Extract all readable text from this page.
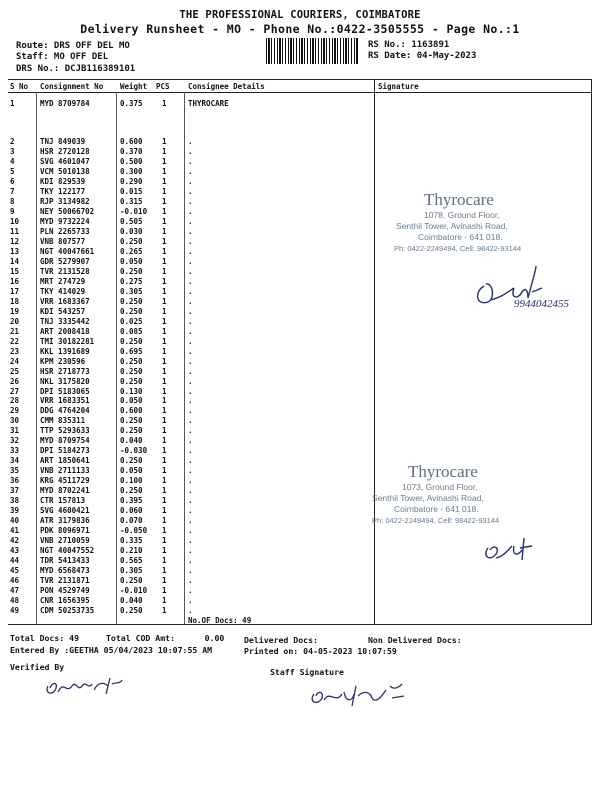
THE PROFESSIONAL COURIERS, COIMBATORE
Delivery Runsheet - MO - Phone No.:0422-3505555 - Page No.:1
Route: DRS OFF DEL MO
Staff: MO OFF DEL
DRS No.: DCJB116389101
RS No.: 1163891
RS Date: 04-May-2023
S No Consignment No Weight PCS Consignee Details	Signature
1	MYD 8709784	0.375	1	THYROCARE
2	TNJ 849039	0.600	1	.
3	HSR 2720128	0.370	1	.
4	SVG 4601047	0.500	1	.
5	VCM 5010138	0.300	1	.
6	KDI 829539	0.290	1	.
7	TKY 122177	0.015	1	.
8	RJP 3134982	0.315	1	.
9	NEY 50066702	-0.010 1	.
10	MYD 9732224	0.505	1	.
11	PLN 2265733	0.030	1	.
12	VNB 807577	0.250	1	.
13	NGT 40047661	0.265	1	.
14	GDR 5279907	0.050	1	.
15	TVR 2131528	0.250	1	.
16	MRT 274729	0.275	1	.
17	TKY 414029	0.305	1	.
18	VRR 1683367	0.250	1	.
19	KDI 543257	0.250	1	.
20	TNJ 3335442	0.025	1	.
21	ART 2008418	0.085	1	.
22	TMI 30182281	0.250	1	.
23	KKL 1391689	0.695	1	.
24	KPM 230596	0.250	1	.
25	HSR 2718773	0.250	1	.
26	NKL 3175820	0.250	1	.
27	DPI 5183065	0.130	1	.
28	VRR 1683351	0.050	1	.
29	DDG 4764204	0.600	1	.
30	CMM 835311	0.250	1	.
31	TTP 5293633	0.250	1	.
32	MYD 8709754	0.040	1	.
33	DPI 5184273	-0.030 1	.
34	ART 1850641	0.250	1	.
35	VNB 2711133	0.050	1	.
36	KRG 4511729	0.100	1	.
37	MYD 8702241	0.250	1	.
38	CTR 157813	0.395	1	.
39	SVG 4600421	0.060	1	.
40	ATR 3179836	0.070	1	.
41	PDK 8096971	-0.050 1	.
42	VNB 2710059	0.335	1	.
43	NGT 40047552	0.210	1	.
44	TDR 5413433	0.565	1	.
45	MYD 6568473	0.305	1	.
46	TVR 2131871	0.250	1	.
47	PON 4529749	-0.010 1	.
48	CNR 1656395	0.040	1	.
49	CDM 50253735	0.250	1	.
No.OF Docs: 49
Thyrocare
1078, Ground Floor,
Senthil Tower, Avinashi Road,
Coimbatore - 641 018.
Ph: 0422-2249494, Cell: 98422-93144
9944042455
Thyrocare
1073, Ground Floor,
Senthil Tower, Avinashi Road,
Coimbatore - 641 018.
Ph: 0422-2249494, Cell: 98422-93144
Total Docs: 49	Total COD Amt:      0.00 Delivered Docs:	Non Delivered Docs:
Entered By :GEETHA 05/04/2023 10:07:55 AM	Printed on: 04-05-2023 10:07:59
Verified By	Staff Signature
